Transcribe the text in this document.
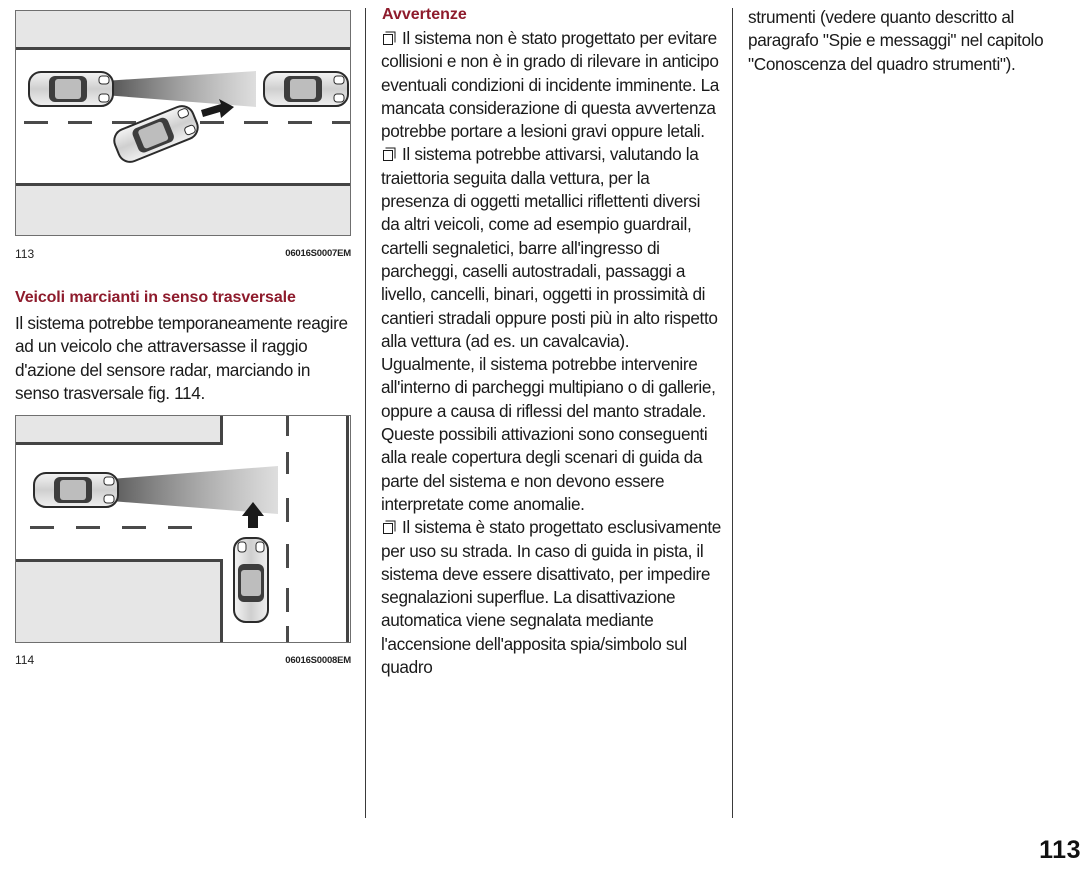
113	06016S0007EM
Veicoli marcianti in senso trasversale

Il sistema potrebbe temporaneamente reagire ad un veicolo che attraversasse il raggio d'azione del sensore radar, marciando in senso trasversale fig. 114.

114	06016S0008EM
Avvertenze

Il sistema non è stato progettato per evitare collisioni e non è in grado di rilevare in anticipo eventuali condizioni di incidente imminente. La mancata considerazione di questa avvertenza potrebbe portare a lesioni gravi oppure letali.

Il sistema potrebbe attivarsi, valutando la traiettoria seguita dalla vettura, per la presenza di oggetti metallici riflettenti diversi da altri veicoli, come ad esempio guardrail, cartelli segnaletici, barre all'ingresso di parcheggi, caselli autostradali, passaggi a livello, cancelli, binari, oggetti in prossimità di cantieri stradali oppure posti più in alto rispetto alla vettura (ad es. un cavalcavia). Ugualmente, il sistema potrebbe intervenire all'interno di parcheggi multipiano o di gallerie, oppure a causa di riflessi del manto stradale. Queste possibili attivazioni sono conseguenti alla reale copertura degli scenari di guida da parte del sistema e non devono essere interpretate come anomalie.

Il sistema è stato progettato esclusivamente per uso su strada. In caso di guida in pista, il sistema deve essere disattivato, per impedire segnalazioni superflue. La disattivazione automatica viene segnalata mediante l'accensione dell'apposita spia/simbolo sul quadro

strumenti (vedere quanto descritto al paragrafo "Spie e messaggi" nel capitolo "Conoscenza del quadro strumenti").

113
